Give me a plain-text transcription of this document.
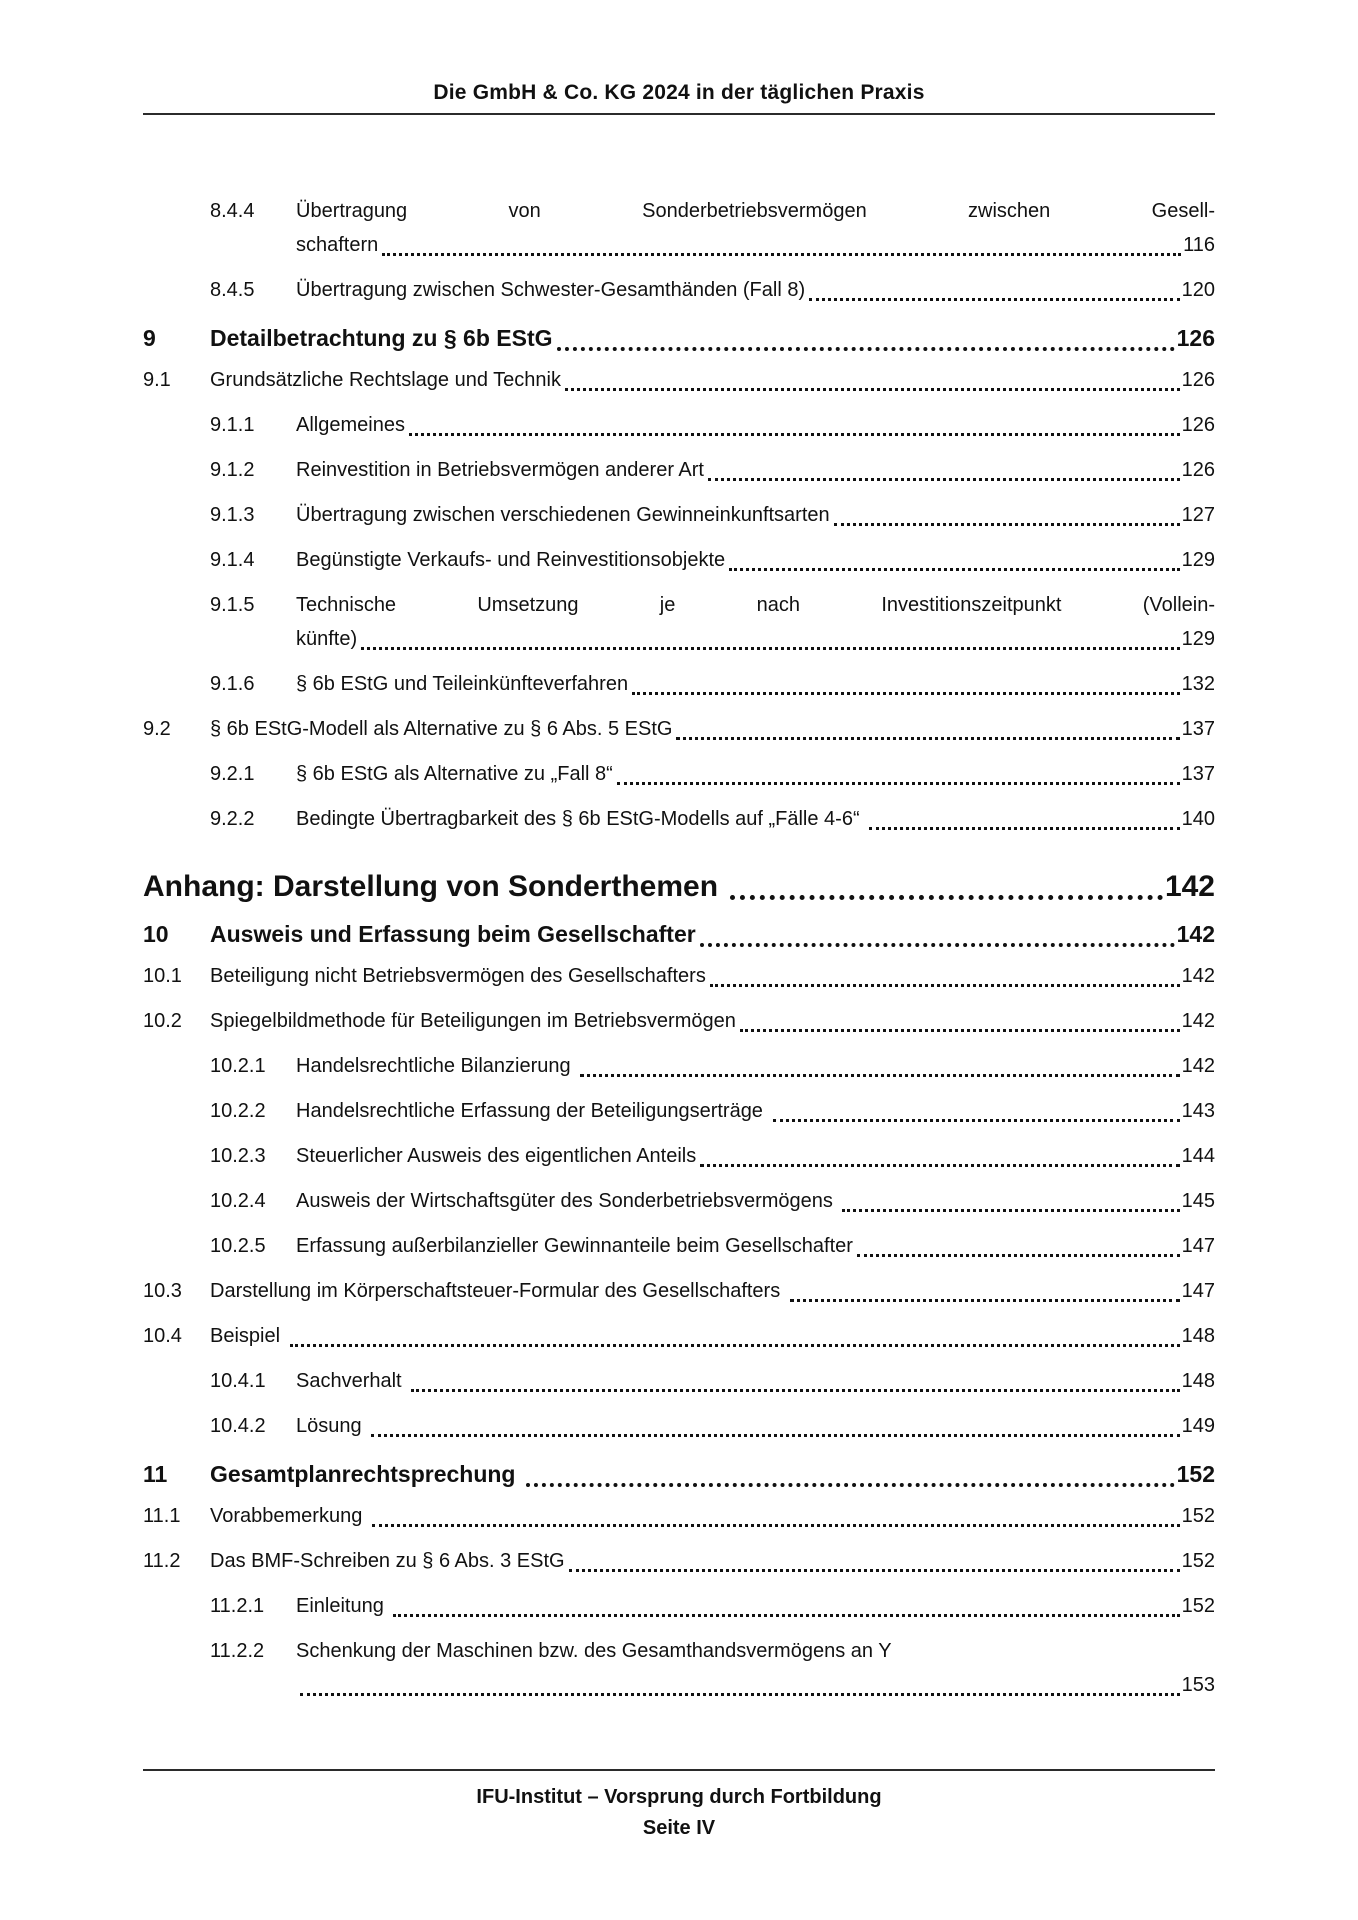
Die GmbH & Co. KG 2024 in der täglichen Praxis
8.4.4	Übertragung von Sonderbetriebsvermögen zwischen Gesell-
schaftern	116
8.4.5	Übertragung zwischen Schwester-Gesamthänden (Fall 8)	120
9	Detailbetrachtung zu § 6b EStG	126
9.1	Grundsätzliche Rechtslage und Technik	126
9.1.1	Allgemeines	126
9.1.2	Reinvestition in Betriebsvermögen anderer Art	126
9.1.3	Übertragung zwischen verschiedenen Gewinneinkunftsarten	127
9.1.4	Begünstigte Verkaufs- und Reinvestitionsobjekte	129
9.1.5	Technische Umsetzung je nach Investitionszeitpunkt (Vollein-
künfte)	129
9.1.6	§ 6b EStG und Teileinkünfteverfahren	132
9.2	§ 6b EStG-Modell als Alternative zu § 6 Abs. 5 EStG	137
9.2.1	§ 6b EStG als Alternative zu „Fall 8“	137
9.2.2	Bedingte Übertragbarkeit des § 6b EStG-Modells auf „Fälle 4-6“	140
Anhang: Darstellung von Sonderthemen	142
10	Ausweis und Erfassung beim Gesellschafter	142
10.1	Beteiligung nicht Betriebsvermögen des Gesellschafters	142
10.2	Spiegelbildmethode für Beteiligungen im Betriebsvermögen	142
10.2.1	Handelsrechtliche Bilanzierung	142
10.2.2	Handelsrechtliche Erfassung der Beteiligungserträge	143
10.2.3	Steuerlicher Ausweis des eigentlichen Anteils	144
10.2.4	Ausweis der Wirtschaftsgüter des Sonderbetriebsvermögens	145
10.2.5	Erfassung außerbilanzieller Gewinnanteile beim Gesellschafter	147
10.3	Darstellung im Körperschaftsteuer-Formular des Gesellschafters	147
10.4	Beispiel	148
10.4.1	Sachverhalt	148
10.4.2	Lösung	149
11	Gesamtplanrechtsprechung	152
11.1	Vorabbemerkung	152
11.2	Das BMF-Schreiben zu § 6 Abs. 3 EStG	152
11.2.1	Einleitung	152
11.2.2	Schenkung der Maschinen bzw. des Gesamthandsvermögens an Y
153
IFU-Institut – Vorsprung durch Fortbildung
Seite IV
